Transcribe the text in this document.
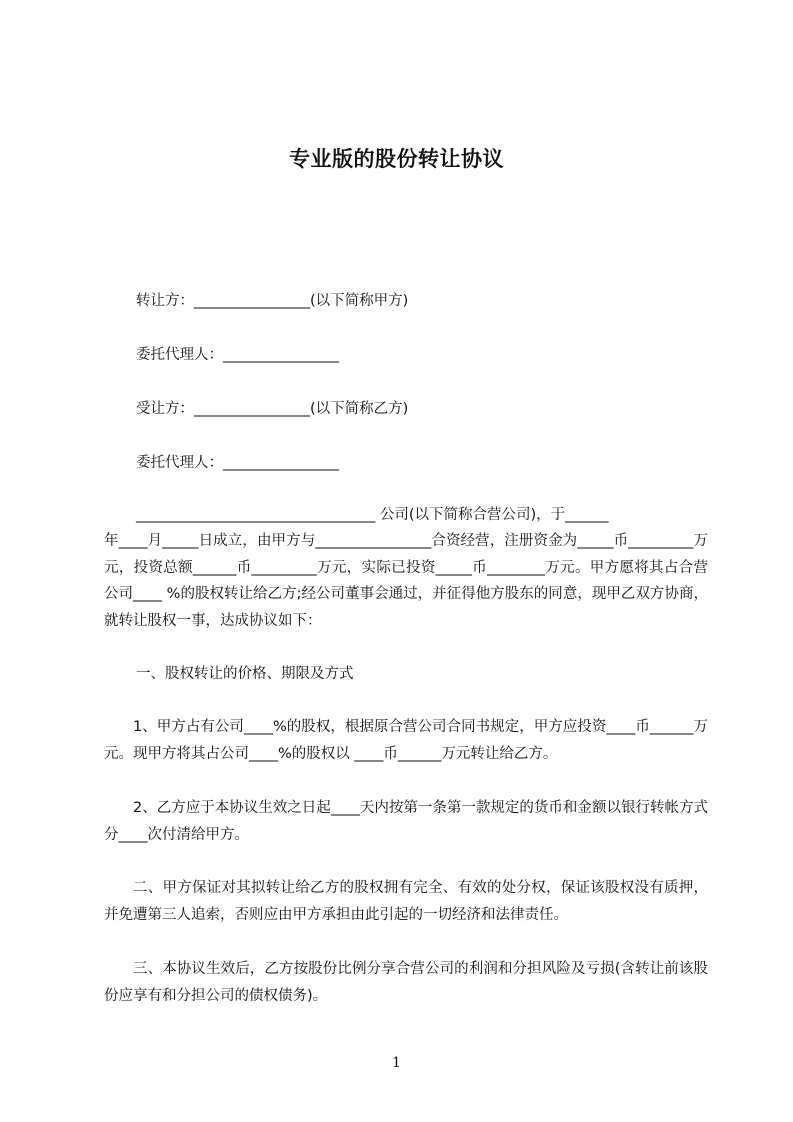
专业版的股份转让协议
转让方：________________(以下简称甲方)
委托代理人：________________
受让方：________________(以下简称乙方)
委托代理人：________________
_________________________________ 公司(以下简称合营公司)，于______
年____月_____日成立，由甲方与________________合资经营，注册资金为_____币_________万元，投资总额______币_________万元，实际已投资_____币________万元。甲方愿将其占合营公司____ %的股权转让给乙方;经公司董事会通过，并征得他方股东的同意，现甲乙双方协商，就转让股权一事，达成协议如下：
一、股权转让的价格、期限及方式
1、甲方占有公司____%的股权，根据原合营公司合同书规定，甲方应投资____币______万元。现甲方将其占公司____%的股权以 ____币______万元转让给乙方。
2、乙方应于本协议生效之日起____天内按第一条第一款规定的货币和金额以银行转帐方式分____次付清给甲方。
二、甲方保证对其拟转让给乙方的股权拥有完全、有效的处分权，保证该股权没有质押，并免遭第三人追索，否则应由甲方承担由此引起的一切经济和法律责任。
三、本协议生效后，乙方按股份比例分享合营公司的利润和分担风险及亏损(含转让前该股份应享有和分担公司的债权债务)。
1
